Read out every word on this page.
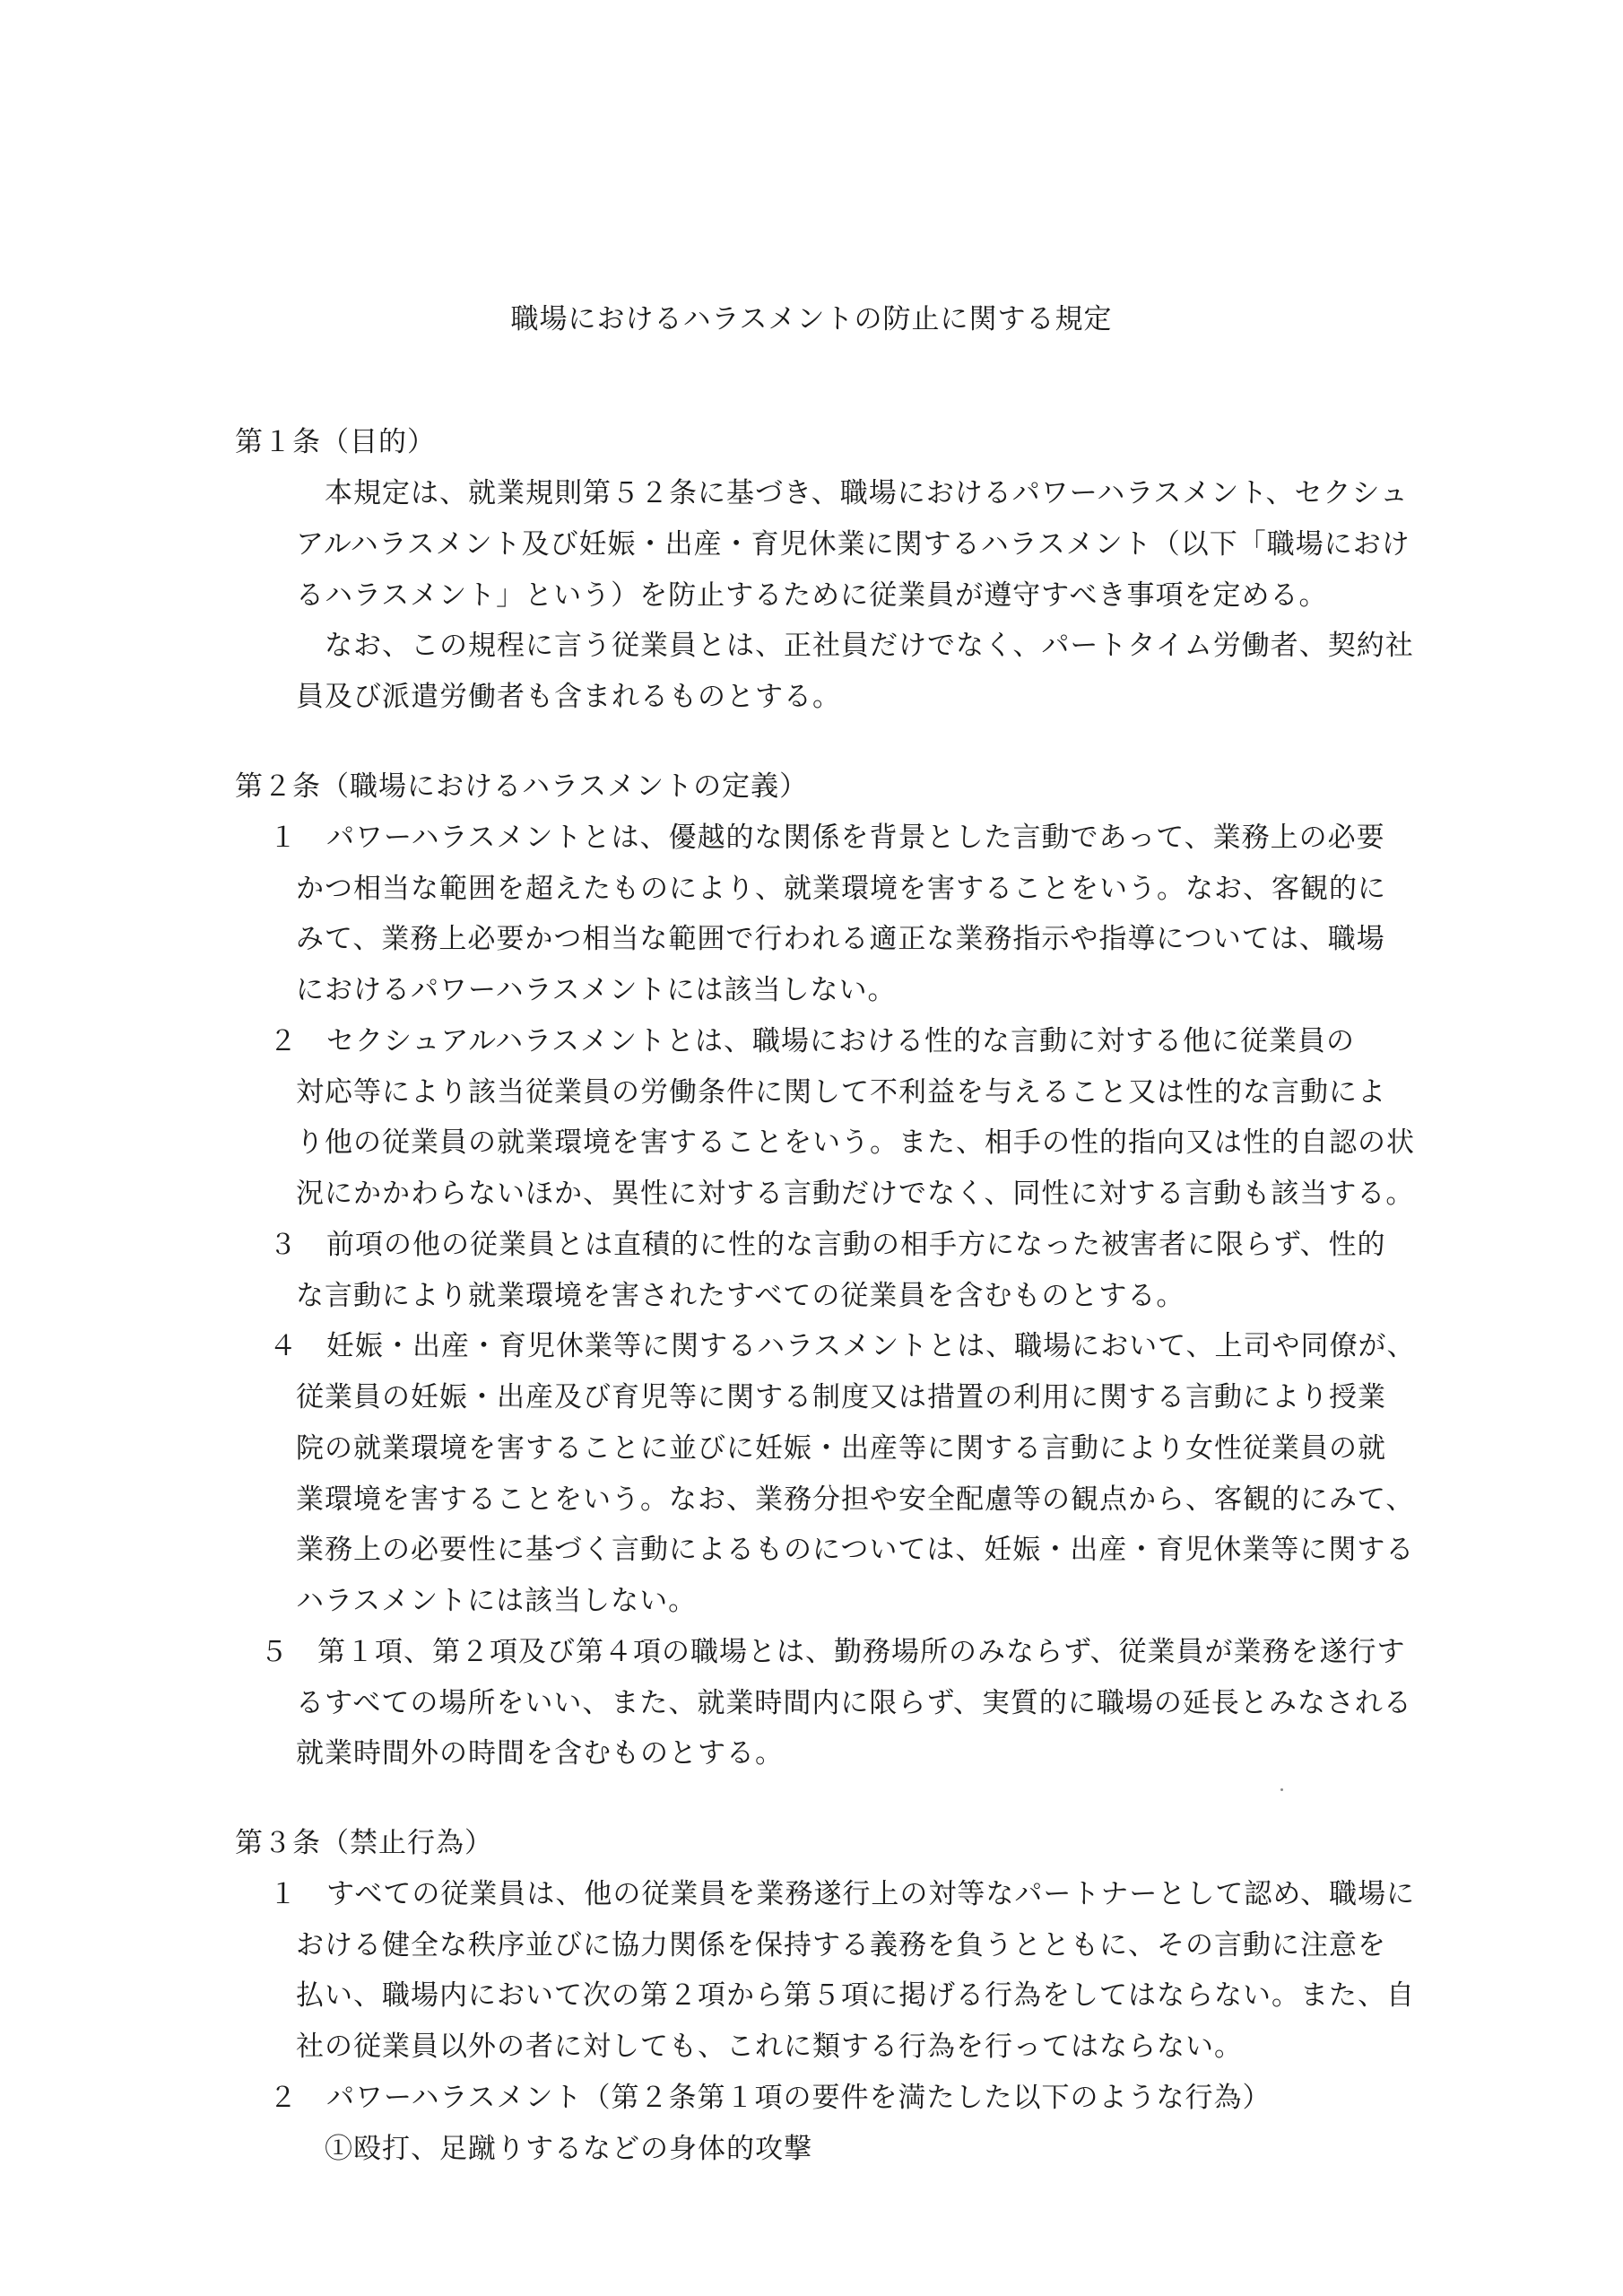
職場におけるハラスメントの防止に関する規定
第１条（目的）
本規定は、就業規則第５２条に基づき、職場におけるパワーハラスメント、セクシュ
アルハラスメント及び妊娠・出産・育児休業に関するハラスメント（以下「職場におけ
るハラスメント」という）を防止するために従業員が遵守すべき事項を定める。
なお、この規程に言う従業員とは、正社員だけでなく、パートタイム労働者、契約社
員及び派遣労働者も含まれるものとする。
第２条（職場におけるハラスメントの定義）
１　パワーハラスメントとは、優越的な関係を背景とした言動であって、業務上の必要
かつ相当な範囲を超えたものにより、就業環境を害することをいう。なお、客観的に
みて、業務上必要かつ相当な範囲で行われる適正な業務指示や指導については、職場
におけるパワーハラスメントには該当しない。
２　セクシュアルハラスメントとは、職場における性的な言動に対する他に従業員の
対応等により該当従業員の労働条件に関して不利益を与えること又は性的な言動によ
り他の従業員の就業環境を害することをいう。また、相手の性的指向又は性的自認の状
況にかかわらないほか、異性に対する言動だけでなく、同性に対する言動も該当する。
３　前項の他の従業員とは直積的に性的な言動の相手方になった被害者に限らず、性的
な言動により就業環境を害されたすべての従業員を含むものとする。
４　妊娠・出産・育児休業等に関するハラスメントとは、職場において、上司や同僚が、
従業員の妊娠・出産及び育児等に関する制度又は措置の利用に関する言動により授業
院の就業環境を害することに並びに妊娠・出産等に関する言動により女性従業員の就
業環境を害することをいう。なお、業務分担や安全配慮等の観点から、客観的にみて、
業務上の必要性に基づく言動によるものについては、妊娠・出産・育児休業等に関する
ハラスメントには該当しない。
５　第１項、第２項及び第４項の職場とは、勤務場所のみならず、従業員が業務を遂行す
るすべての場所をいい、また、就業時間内に限らず、実質的に職場の延長とみなされる
就業時間外の時間を含むものとする。
第３条（禁止行為）
１　すべての従業員は、他の従業員を業務遂行上の対等なパートナーとして認め、職場に
おける健全な秩序並びに協力関係を保持する義務を負うとともに、その言動に注意を
払い、職場内において次の第２項から第５項に掲げる行為をしてはならない。また、自
社の従業員以外の者に対しても、これに類する行為を行ってはならない。
２　パワーハラスメント（第２条第１項の要件を満たした以下のような行為）
①殴打、足蹴りするなどの身体的攻撃
